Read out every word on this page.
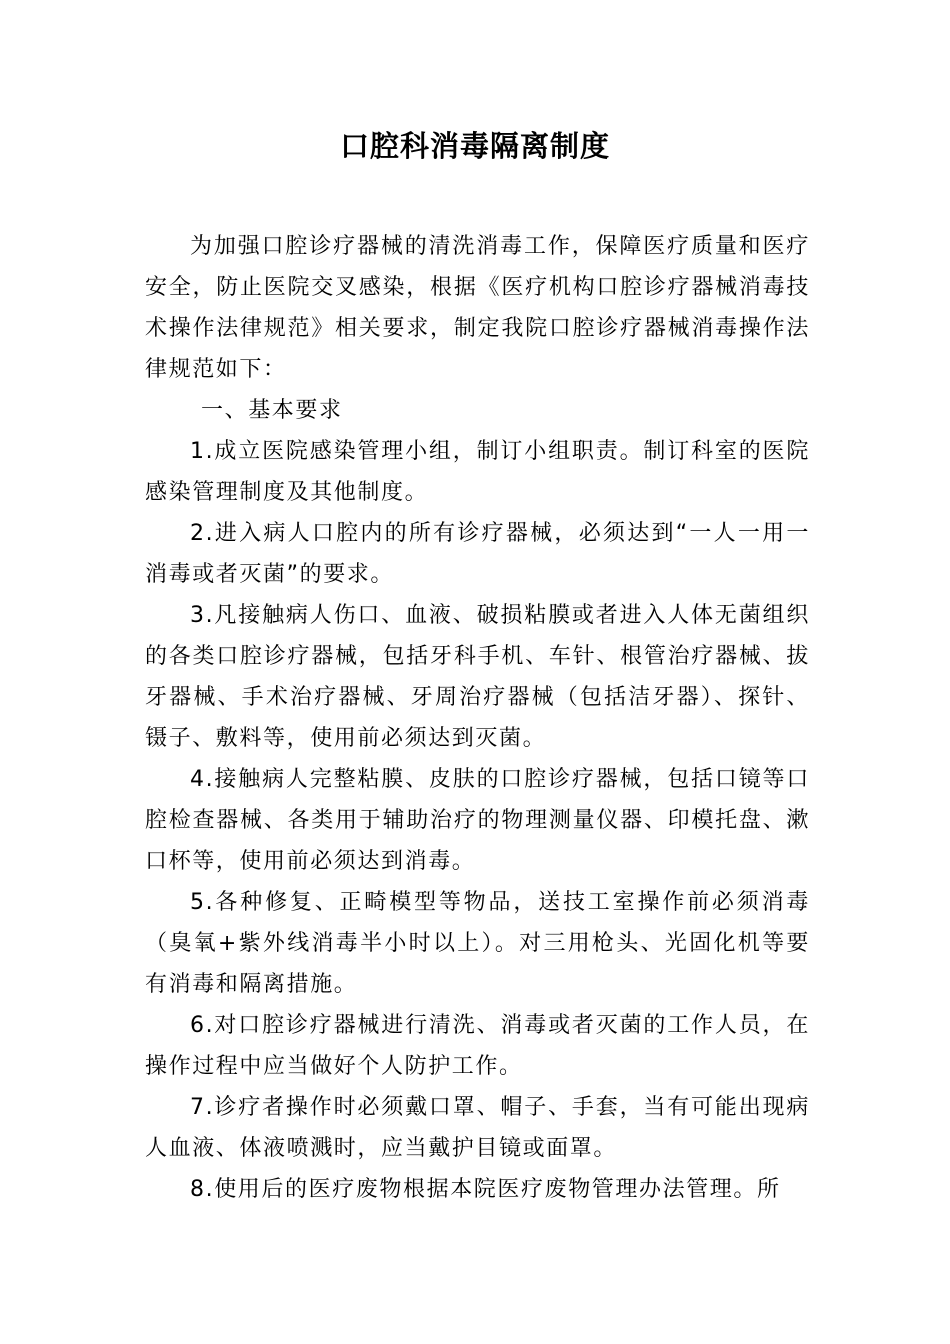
口腔科消毒隔离制度

为加强口腔诊疗器械的清洗消毒工作，保障医疗质量和医疗安全，防止医院交叉感染，根据《医疗机构口腔诊疗器械消毒技术操作法律规范》相关要求，制定我院口腔诊疗器械消毒操作法律规范如下：

一、基本要求

1.成立医院感染管理小组，制订小组职责。制订科室的医院感染管理制度及其他制度。

2.进入病人口腔内的所有诊疗器械，必须达到“一人一用一消毒或者灭菌”的要求。

3.凡接触病人伤口、血液、破损粘膜或者进入人体无菌组织的各类口腔诊疗器械，包括牙科手机、车针、根管治疗器械、拔牙器械、手术治疗器械、牙周治疗器械（包括洁牙器）、探针、镊子、敷料等，使用前必须达到灭菌。

4.接触病人完整粘膜、皮肤的口腔诊疗器械，包括口镜等口腔检查器械、各类用于辅助治疗的物理测量仪器、印模托盘、漱口杯等，使用前必须达到消毒。

5.各种修复、正畸模型等物品，送技工室操作前必须消毒（臭氧+紫外线消毒半小时以上）。对三用枪头、光固化机等要有消毒和隔离措施。

6.对口腔诊疗器械进行清洗、消毒或者灭菌的工作人员，在操作过程中应当做好个人防护工作。

7.诊疗者操作时必须戴口罩、帽子、手套，当有可能出现病人血液、体液喷溅时，应当戴护目镜或面罩。

8.使用后的医疗废物根据本院医疗废物管理办法管理。所
